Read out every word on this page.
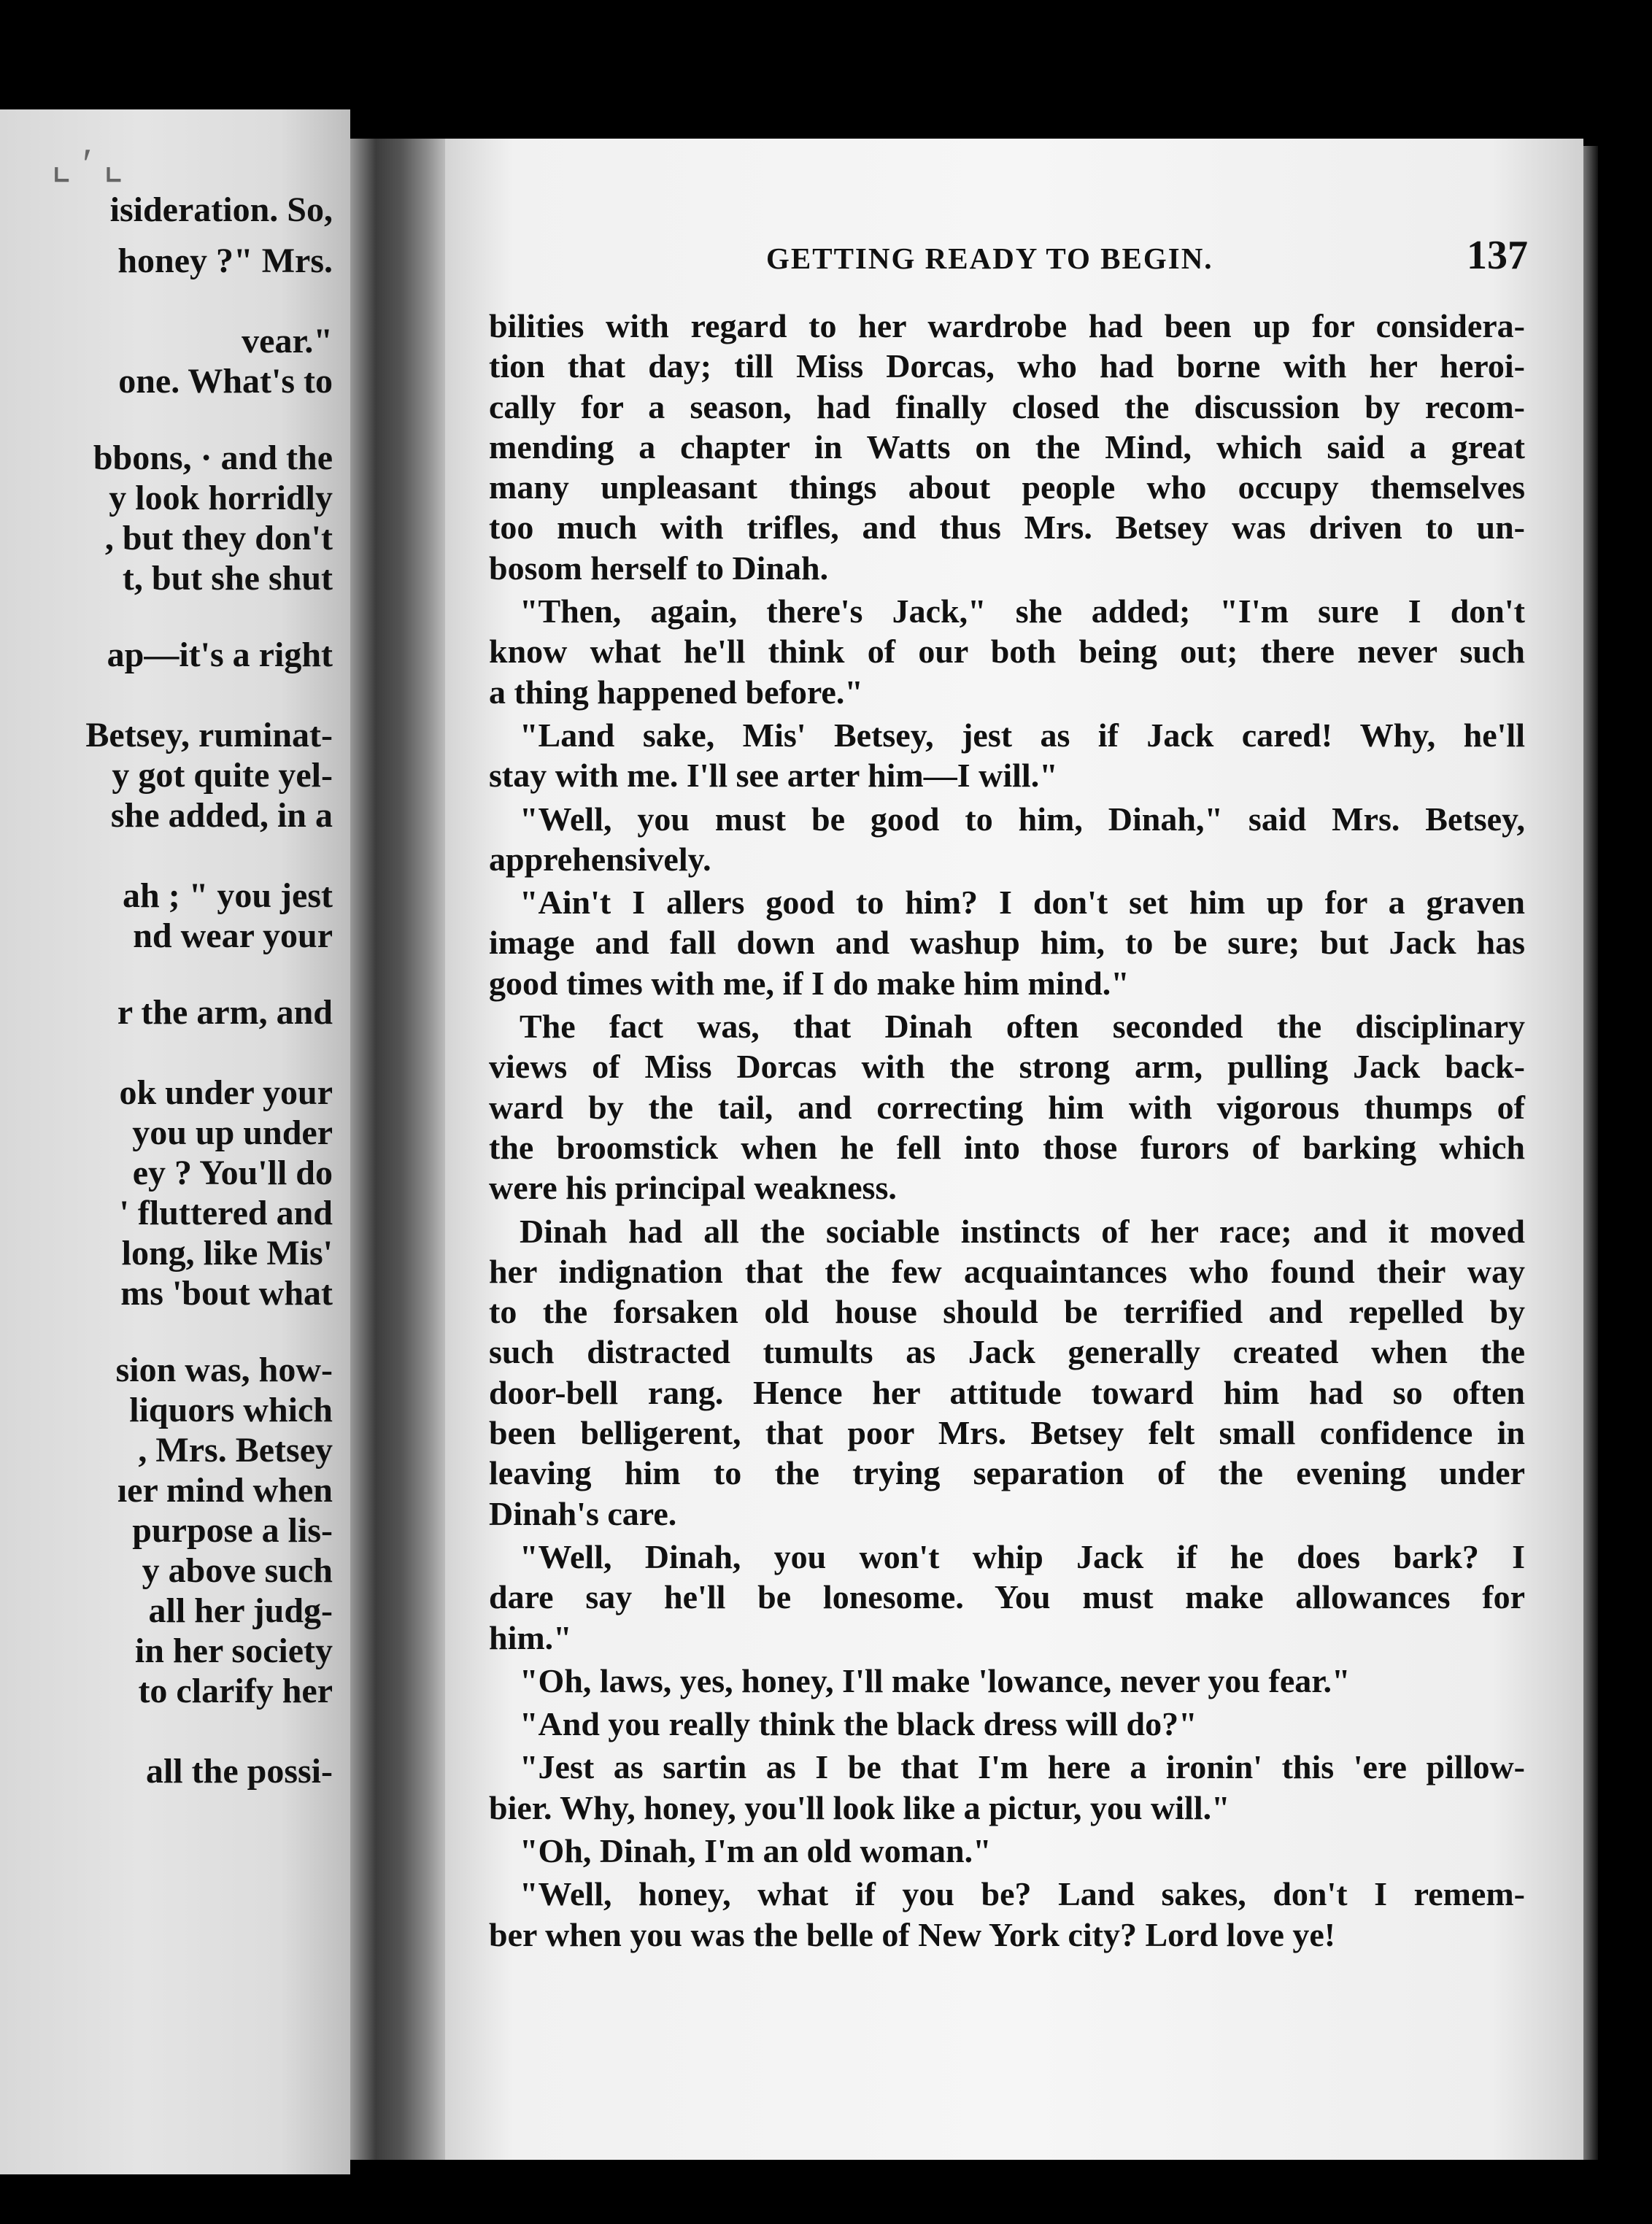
⌞ ′ ⌞
isideration. So,
honey ?" Mrs.
vear."
one. What's to
bbons, · and the
y look horridly
, but they don't
t, but she shut
ap—it's a right
Betsey, ruminat-
y got quite yel-
she added, in a
ah ; " you jest
nd wear your
r the arm, and
ok under your
you up under
ey ? You'll do
' fluttered and
long, like Mis'
ms 'bout what
sion was, how-
liquors which
, Mrs. Betsey
ıer mind when
purpose a lis-
y above such
all her judg-
in her society
to clarify her
all the possi-
GETTING READY TO BEGIN.	137
bilities with regard to her wardrobe had been up for considera-
tion that day; till Miss Dorcas, who had borne with her heroi-
cally for a season, had finally closed the discussion by recom-
mending a chapter in Watts on the Mind, which said a great
many unpleasant things about people who occupy themselves
too much with trifles, and thus Mrs. Betsey was driven to un-
bosom herself to Dinah.
"Then, again, there's Jack," she added; "I'm sure I don't
know what he'll think of our both being out; there never such
a thing happened before."
"Land sake, Mis' Betsey, jest as if Jack cared! Why, he'll
stay with me. I'll see arter him—I will."
"Well, you must be good to him, Dinah," said Mrs. Betsey,
apprehensively.
"Ain't I allers good to him? I don't set him up for a graven
image and fall down and washup him, to be sure; but Jack has
good times with me, if I do make him mind."
The fact was, that Dinah often seconded the disciplinary
views of Miss Dorcas with the strong arm, pulling Jack back-
ward by the tail, and correcting him with vigorous thumps of
the broomstick when he fell into those furors of barking which
were his principal weakness.
Dinah had all the sociable instincts of her race; and it moved
her indignation that the few acquaintances who found their way
to the forsaken old house should be terrified and repelled by
such distracted tumults as Jack generally created when the
door-bell rang. Hence her attitude toward him had so often
been belligerent, that poor Mrs. Betsey felt small confidence in
leaving him to the trying separation of the evening under
Dinah's care.
"Well, Dinah, you won't whip Jack if he does bark? I
dare say he'll be lonesome. You must make allowances for
him."
"Oh, laws, yes, honey, I'll make 'lowance, never you fear."
"And you really think the black dress will do?"
"Jest as sartin as I be that I'm here a ironin' this 'ere pillow-
bier. Why, honey, you'll look like a pictur, you will."
"Oh, Dinah, I'm an old woman."
"Well, honey, what if you be? Land sakes, don't I remem-
ber when you was the belle of New York city? Lord love ye!
